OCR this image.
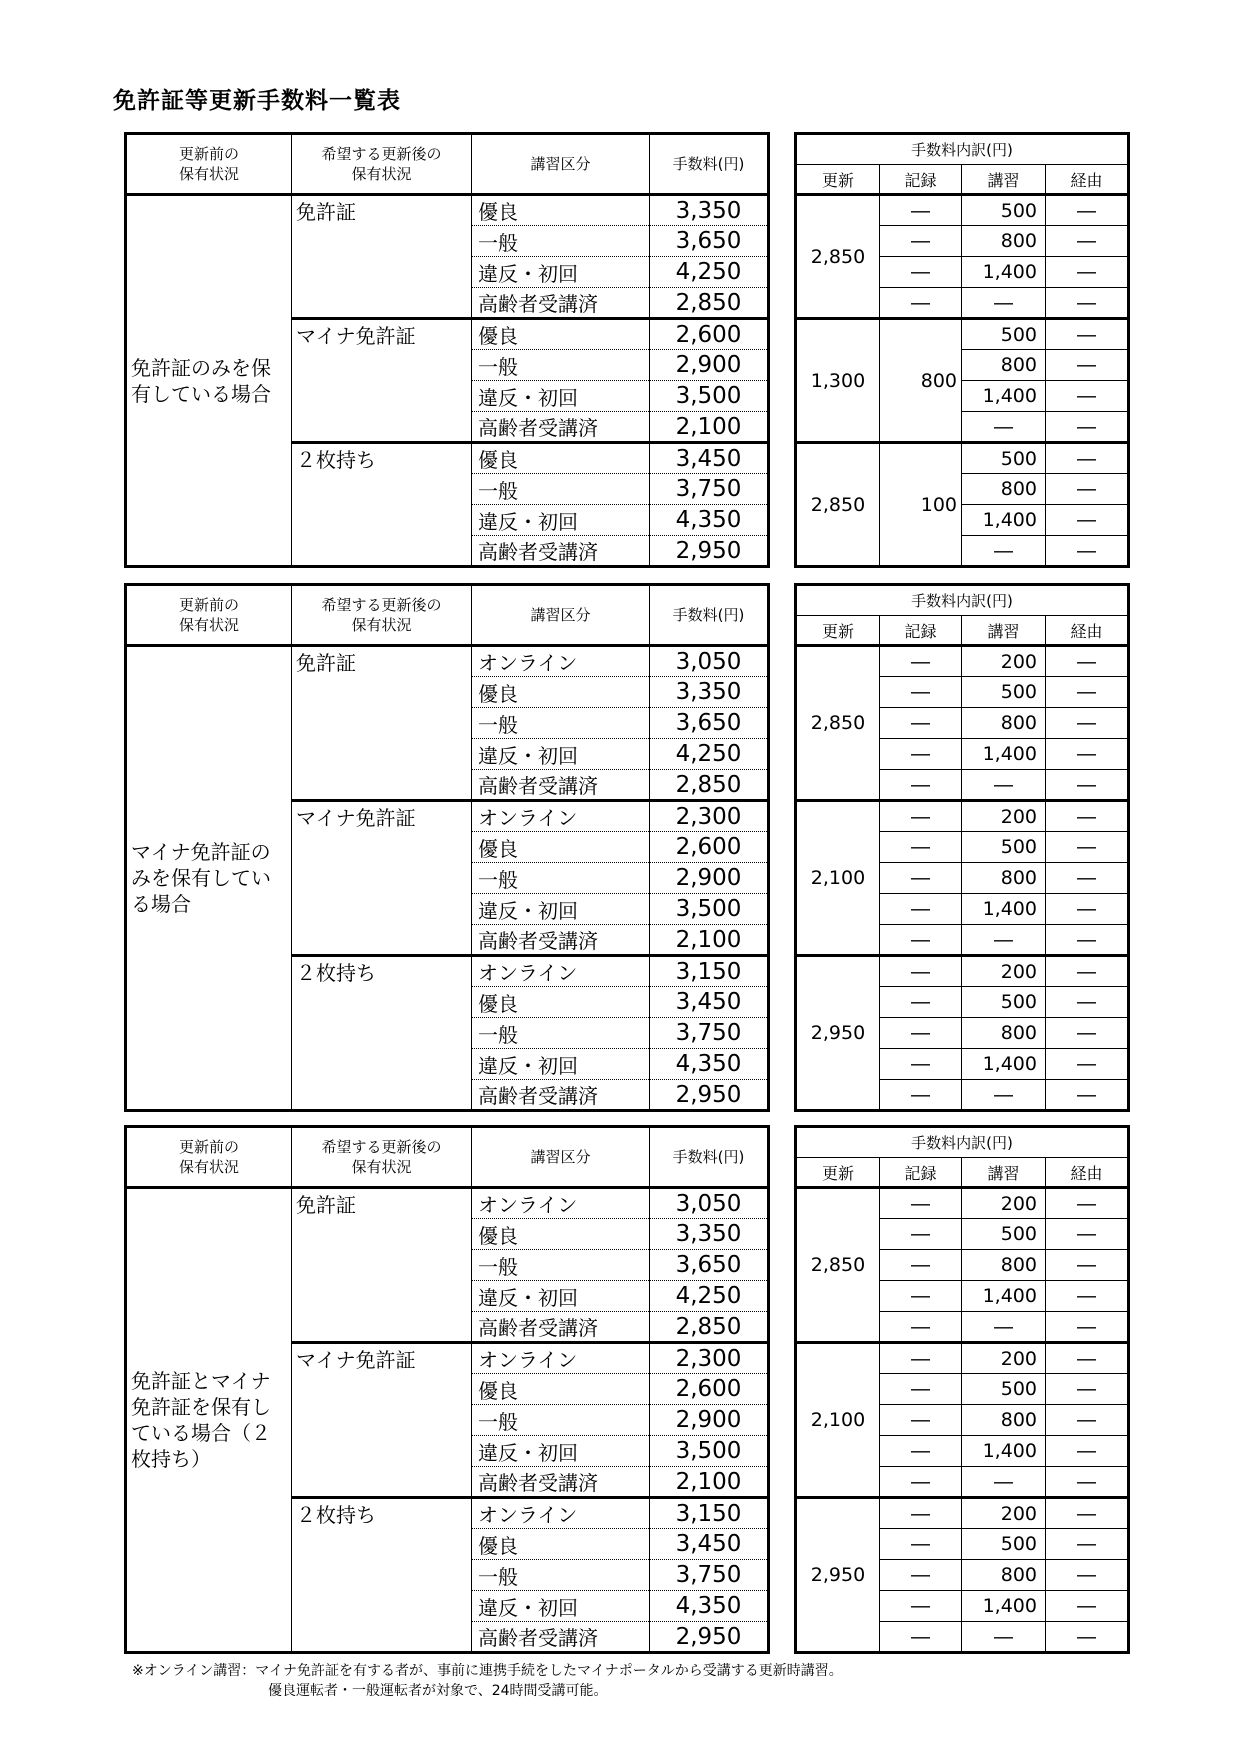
免許証等更新手数料一覧表
更新前の
保有状況	希望する更新後の
保有状況	講習区分	手数料(円)
免許証のみを保有している場合	免許証	優良	3,350
		一般	3,650
		違反・初回	4,250
		高齢者受講済	2,850
	マイナ免許証	優良	2,600
		一般	2,900
		違反・初回	3,500
		高齢者受講済	2,100
	２枚持ち	優良	3,450
		一般	3,750
		違反・初回	4,350
		高齢者受講済	2,950
手数料内訳(円)			
更新	記録	講習	経由
2,850	―	500	―
	―	800	―
	―	1,400	―
	―	―	―
1,300	800	500	―
		800	―
		1,400	―
		―	―
2,850	100	500	―
		800	―
		1,400	―
		―	―
更新前の
保有状況	希望する更新後の
保有状況	講習区分	手数料(円)
マイナ免許証のみを保有している場合	免許証	オンライン	3,050
		優良	3,350
		一般	3,650
		違反・初回	4,250
		高齢者受講済	2,850
	マイナ免許証	オンライン	2,300
		優良	2,600
		一般	2,900
		違反・初回	3,500
		高齢者受講済	2,100
	２枚持ち	オンライン	3,150
		優良	3,450
		一般	3,750
		違反・初回	4,350
		高齢者受講済	2,950
手数料内訳(円)			
更新	記録	講習	経由
2,850	―	200	―
	―	500	―
	―	800	―
	―	1,400	―
	―	―	―
2,100	―	200	―
	―	500	―
	―	800	―
	―	1,400	―
	―	―	―
2,950	―	200	―
	―	500	―
	―	800	―
	―	1,400	―
	―	―	―
更新前の
保有状況	希望する更新後の
保有状況	講習区分	手数料(円)
免許証とマイナ免許証を保有している場合（２枚持ち）	免許証	オンライン	3,050
		優良	3,350
		一般	3,650
		違反・初回	4,250
		高齢者受講済	2,850
	マイナ免許証	オンライン	2,300
		優良	2,600
		一般	2,900
		違反・初回	3,500
		高齢者受講済	2,100
	２枚持ち	オンライン	3,150
		優良	3,450
		一般	3,750
		違反・初回	4,350
		高齢者受講済	2,950
手数料内訳(円)			
更新	記録	講習	経由
2,850	―	200	―
	―	500	―
	―	800	―
	―	1,400	―
	―	―	―
2,100	―	200	―
	―	500	―
	―	800	―
	―	1,400	―
	―	―	―
2,950	―	200	―
	―	500	―
	―	800	―
	―	1,400	―
	―	―	―

※オンライン講習：マイナ免許証を有する者が、事前に連携手続をしたマイナポータルから受講する更新時講習。
優良運転者・一般運転者が対象で、24時間受講可能。
